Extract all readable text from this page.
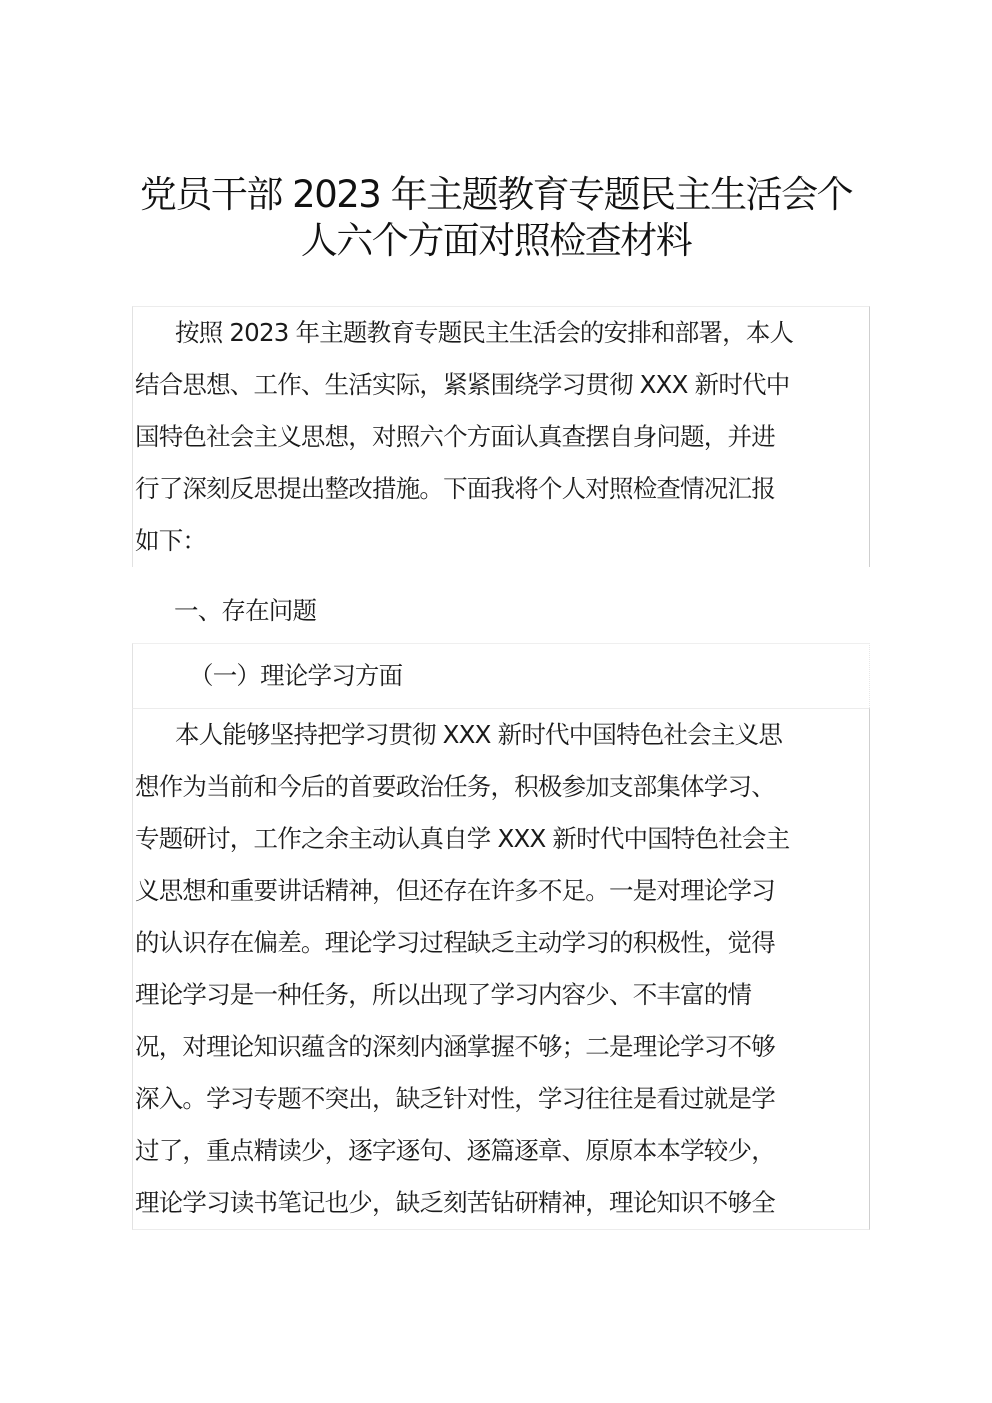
党员干部 2023 年主题教育专题民主生活会个
人六个方面对照检查材料
按照 2023 年主题教育专题民主生活会的安排和部署，本人
结合思想、工作、生活实际，紧紧围绕学习贯彻 XXX 新时代中
国特色社会主义思想，对照六个方面认真查摆自身问题，并进
行了深刻反思提出整改措施。下面我将个人对照检查情况汇报
如下：
一、存在问题
（一）理论学习方面
本人能够坚持把学习贯彻 XXX 新时代中国特色社会主义思
想作为当前和今后的首要政治任务，积极参加支部集体学习、
专题研讨，工作之余主动认真自学 XXX 新时代中国特色社会主
义思想和重要讲话精神，但还存在许多不足。一是对理论学习
的认识存在偏差。理论学习过程缺乏主动学习的积极性，觉得
理论学习是一种任务，所以出现了学习内容少、不丰富的情
况，对理论知识蕴含的深刻内涵掌握不够；二是理论学习不够
深入。学习专题不突出，缺乏针对性，学习往往是看过就是学
过了，重点精读少，逐字逐句、逐篇逐章、原原本本学较少，
理论学习读书笔记也少，缺乏刻苦钻研精神，理论知识不够全
